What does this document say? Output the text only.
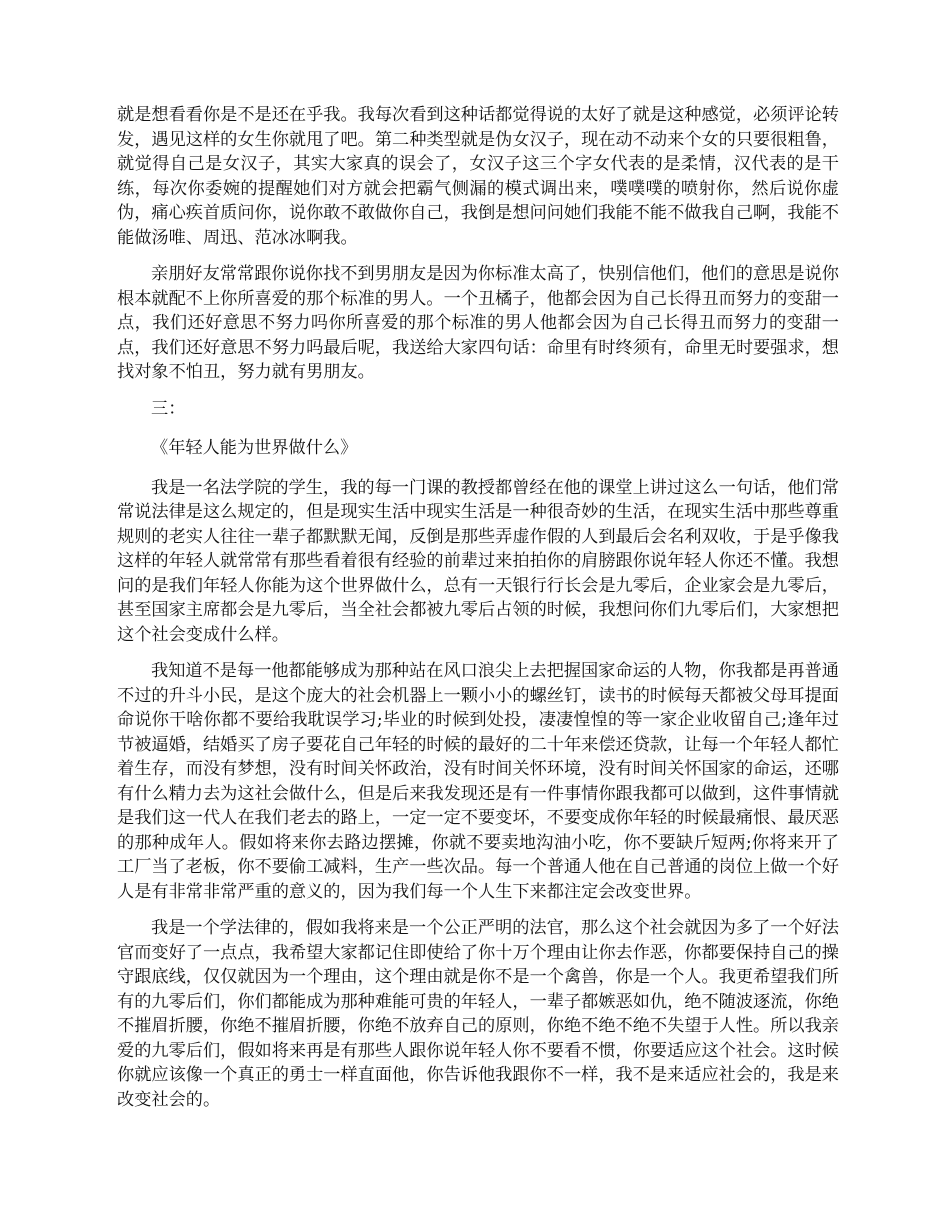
就是想看看你是不是还在乎我。我每次看到这种话都觉得说的太好了就是这种感觉，必须评论转发，遇见这样的女生你就甩了吧。第二种类型就是伪女汉子，现在动不动来个女的只要很粗鲁，就觉得自己是女汉子，其实大家真的误会了，女汉子这三个字女代表的是柔情，汉代表的是干练，每次你委婉的提醒她们对方就会把霸气侧漏的模式调出来，噗噗噗的喷射你，然后说你虚伪，痛心疾首质问你，说你敢不敢做你自己，我倒是想问问她们我能不能不做我自己啊，我能不能做汤唯、周迅、范冰冰啊我。

亲朋好友常常跟你说你找不到男朋友是因为你标准太高了，快别信他们，他们的意思是说你根本就配不上你所喜爱的那个标准的男人。一个丑橘子，他都会因为自己长得丑而努力的变甜一点，我们还好意思不努力吗你所喜爱的那个标准的男人他都会因为自己长得丑而努力的变甜一点，我们还好意思不努力吗最后呢，我送给大家四句话：命里有时终须有，命里无时要强求，想找对象不怕丑，努力就有男朋友。

三：

《年轻人能为世界做什么》

我是一名法学院的学生，我的每一门课的教授都曾经在他的课堂上讲过这么一句话，他们常常说法律是这么规定的，但是现实生活中现实生活是一种很奇妙的生活，在现实生活中那些尊重规则的老实人往往一辈子都默默无闻，反倒是那些弄虚作假的人到最后会名利双收，于是乎像我这样的年轻人就常常有那些看着很有经验的前辈过来拍拍你的肩膀跟你说年轻人你还不懂。我想问的是我们年轻人你能为这个世界做什么，总有一天银行行长会是九零后，企业家会是九零后，甚至国家主席都会是九零后，当全社会都被九零后占领的时候，我想问你们九零后们，大家想把这个社会变成什么样。

我知道不是每一他都能够成为那种站在风口浪尖上去把握国家命运的人物，你我都是再普通不过的升斗小民，是这个庞大的社会机器上一颗小小的螺丝钉，读书的时候每天都被父母耳提面命说你干啥你都不要给我耽误学习;毕业的时候到处投，凄凄惶惶的等一家企业收留自己;逢年过节被逼婚，结婚买了房子要花自己年轻的时候的最好的二十年来偿还贷款，让每一个年轻人都忙着生存，而没有梦想，没有时间关怀政治，没有时间关怀环境，没有时间关怀国家的命运，还哪有什么精力去为这社会做什么，但是后来我发现还是有一件事情你跟我都可以做到，这件事情就是我们这一代人在我们老去的路上，一定一定不要变坏，不要变成你年轻的时候最痛恨、最厌恶的那种成年人。假如将来你去路边摆摊，你就不要卖地沟油小吃，你不要缺斤短两;你将来开了工厂当了老板，你不要偷工减料，生产一些次品。每一个普通人他在自己普通的岗位上做一个好人是有非常非常严重的意义的，因为我们每一个人生下来都注定会改变世界。

我是一个学法律的，假如我将来是一个公正严明的法官，那么这个社会就因为多了一个好法官而变好了一点点，我希望大家都记住即使给了你十万个理由让你去作恶，你都要保持自己的操守跟底线，仅仅就因为一个理由，这个理由就是你不是一个禽兽，你是一个人。我更希望我们所有的九零后们，你们都能成为那种难能可贵的年轻人，一辈子都嫉恶如仇，绝不随波逐流，你绝不摧眉折腰，你绝不摧眉折腰，你绝不放弃自己的原则，你绝不绝不绝不失望于人性。所以我亲爱的九零后们，假如将来再是有那些人跟你说年轻人你不要看不惯，你要适应这个社会。这时候你就应该像一个真正的勇士一样直面他，你告诉他我跟你不一样，我不是来适应社会的，我是来改变社会的。
